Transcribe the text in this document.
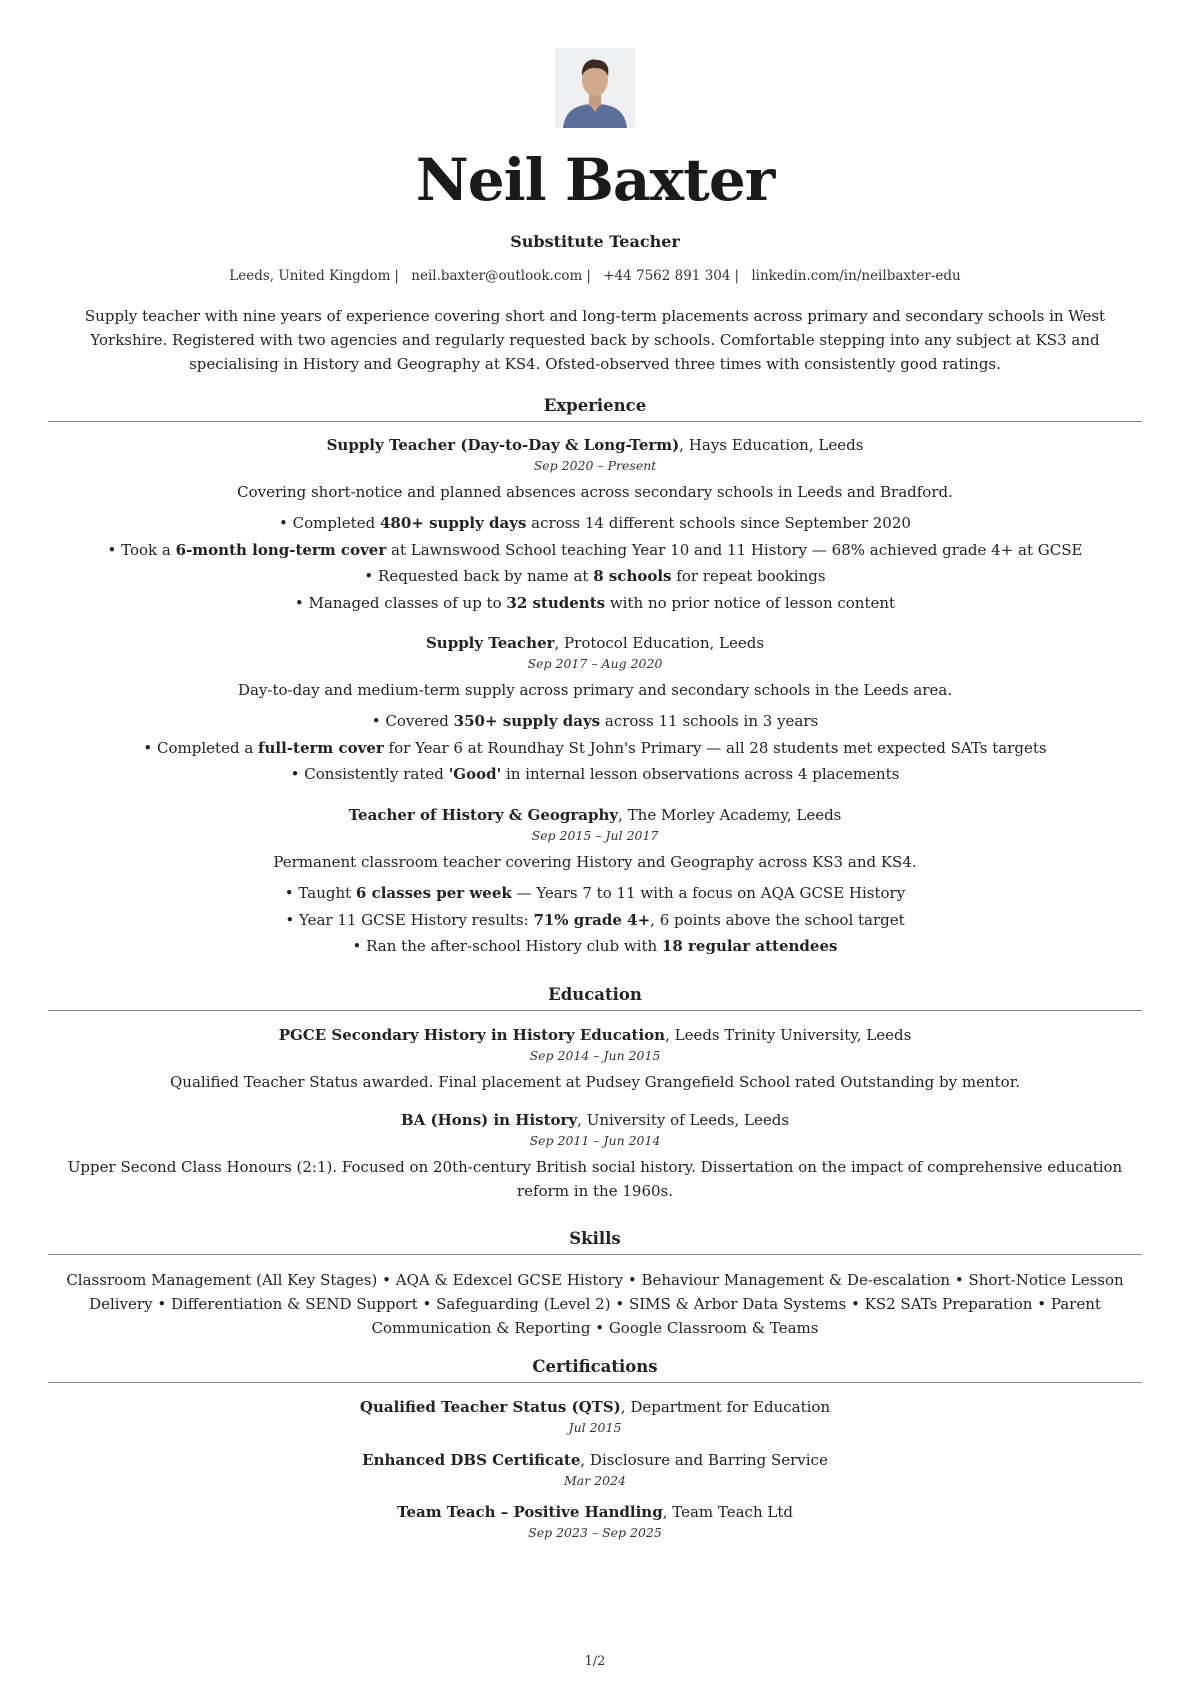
Neil Baxter
Substitute Teacher
Leeds, United Kingdom | neil.baxter@outlook.com | +44 7562 891 304 | linkedin.com/in/neilbaxter-edu
Supply teacher with nine years of experience covering short and long-term placements across primary and secondary schools in West Yorkshire. Registered with two agencies and regularly requested back by schools. Comfortable stepping into any subject at KS3 and specialising in History and Geography at KS4. Ofsted-observed three times with consistently good ratings.
Experience
Supply Teacher (Day-to-Day & Long-Term), Hays Education, Leeds
Sep 2020 – Present
Covering short-notice and planned absences across secondary schools in Leeds and Bradford.
• Completed 480+ supply days across 14 different schools since September 2020
• Took a 6-month long-term cover at Lawnswood School teaching Year 10 and 11 History — 68% achieved grade 4+ at GCSE
• Requested back by name at 8 schools for repeat bookings
• Managed classes of up to 32 students with no prior notice of lesson content
Supply Teacher, Protocol Education, Leeds
Sep 2017 – Aug 2020
Day-to-day and medium-term supply across primary and secondary schools in the Leeds area.
• Covered 350+ supply days across 11 schools in 3 years
• Completed a full-term cover for Year 6 at Roundhay St John's Primary — all 28 students met expected SATs targets
• Consistently rated 'Good' in internal lesson observations across 4 placements
Teacher of History & Geography, The Morley Academy, Leeds
Sep 2015 – Jul 2017
Permanent classroom teacher covering History and Geography across KS3 and KS4.
• Taught 6 classes per week — Years 7 to 11 with a focus on AQA GCSE History
• Year 11 GCSE History results: 71% grade 4+, 6 points above the school target
• Ran the after-school History club with 18 regular attendees
Education
PGCE Secondary History in History Education, Leeds Trinity University, Leeds
Sep 2014 – Jun 2015
Qualified Teacher Status awarded. Final placement at Pudsey Grangefield School rated Outstanding by mentor.
BA (Hons) in History, University of Leeds, Leeds
Sep 2011 – Jun 2014
Upper Second Class Honours (2:1). Focused on 20th-century British social history. Dissertation on the impact of comprehensive education reform in the 1960s.
Skills
Classroom Management (All Key Stages) • AQA & Edexcel GCSE History • Behaviour Management & De-escalation • Short-Notice Lesson Delivery • Differentiation & SEND Support • Safeguarding (Level 2) • SIMS & Arbor Data Systems • KS2 SATs Preparation • Parent Communication & Reporting • Google Classroom & Teams
Certifications
Qualified Teacher Status (QTS), Department for Education
Jul 2015
Enhanced DBS Certificate, Disclosure and Barring Service
Mar 2024
Team Teach – Positive Handling, Team Teach Ltd
Sep 2023 – Sep 2025
1/2
